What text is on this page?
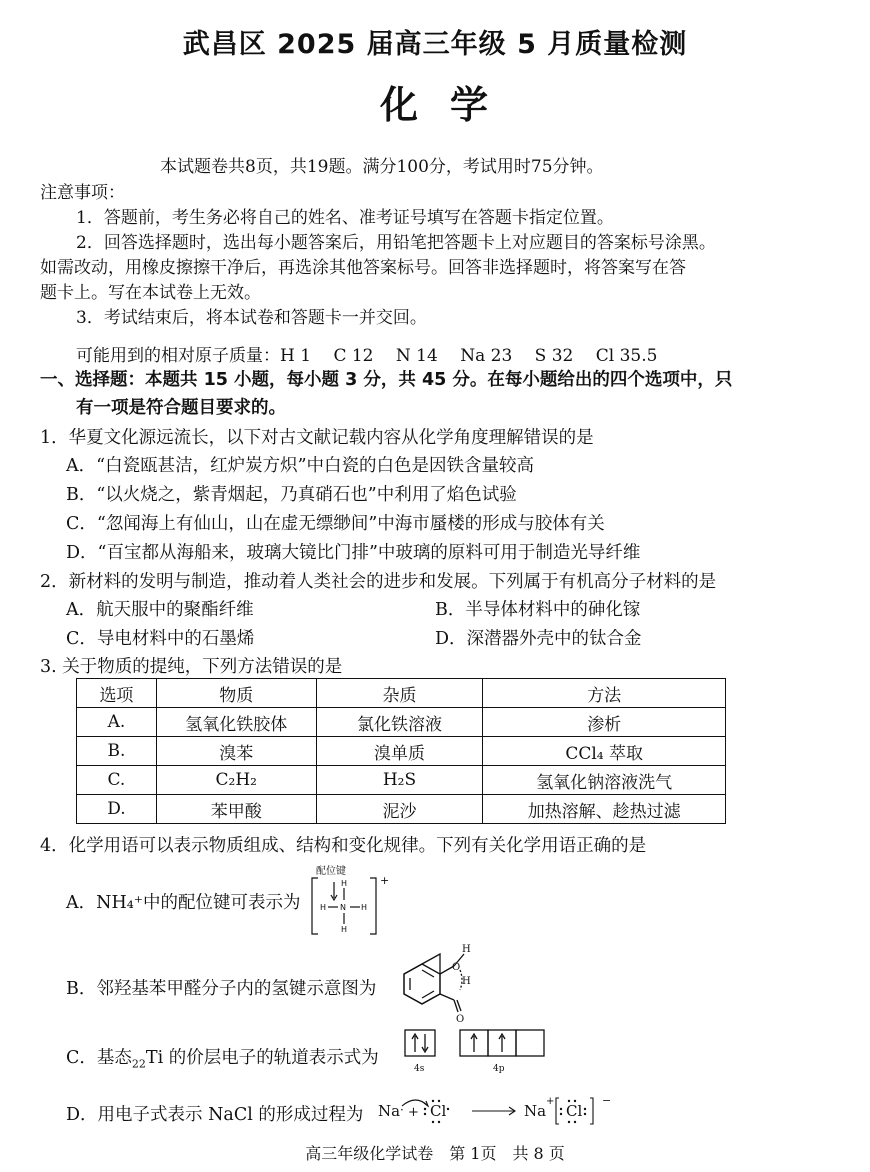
武昌区 2025 届高三年级 5 月质量检测
化学
本试题卷共8页，共19题。满分100分，考试用时75分钟。
注意事项：
1．答题前，考生务必将自己的姓名、准考证号填写在答题卡指定位置。
2．回答选择题时，选出每小题答案后，用铅笔把答题卡上对应题目的答案标号涂黑。
如需改动，用橡皮擦擦干净后，再选涂其他答案标号。回答非选择题时，将答案写在答
题卡上。写在本试卷上无效。
3．考试结束后，将本试卷和答题卡一并交回。
可能用到的相对原子质量：H 1　 C 12　 N 14　 Na 23　 S 32　 Cl 35.5
一、选择题：本题共 15 小题，每小题 3 分，共 45 分。在每小题给出的四个选项中，只
有一项是符合题目要求的。
1．华夏文化源远流长，以下对古文献记载内容从化学角度理解错误的是
A．“白瓷瓯甚洁，红炉炭方炽”中白瓷的白色是因铁含量较高
B．“以火烧之，紫青烟起，乃真硝石也”中利用了焰色试验
C．“忽闻海上有仙山，山在虚无缥缈间”中海市蜃楼的形成与胶体有关
D．“百宝都从海船来，玻璃大镜比门排”中玻璃的原料可用于制造光导纤维
2．新材料的发明与制造，推动着人类社会的进步和发展。下列属于有机高分子材料的是
A．航天服中的聚酯纤维	B．半导体材料中的砷化镓
C．导电材料中的石墨烯	D．深潜器外壳中的钛合金
3. 关于物质的提纯，下列方法错误的是
选项	物质	杂质	方法
A.	氢氧化铁胶体	氯化铁溶液	渗析
B.	溴苯	溴单质	CCl₄ 萃取
C.	C₂H₂	H₂S	氢氧化钠溶液洗气
D.	苯甲酸	泥沙	加热溶解、趁热过滤
4．化学用语可以表示物质组成、结构和变化规律。下列有关化学用语正确的是
A．NH₄⁺中的配位键可表示为
配位键
H
H N H
H
+
B．邻羟基苯甲醛分子内的氢键示意图为
H
O
H
O
C．基态$_{22}$Ti 的价层电子的轨道表示式为
4s	4p
D．用电子式表示 NaCl 的形成过程为 Na · + Cl	Na
+
Cl
−
高三年级化学试卷　第 1页　共 8 页
